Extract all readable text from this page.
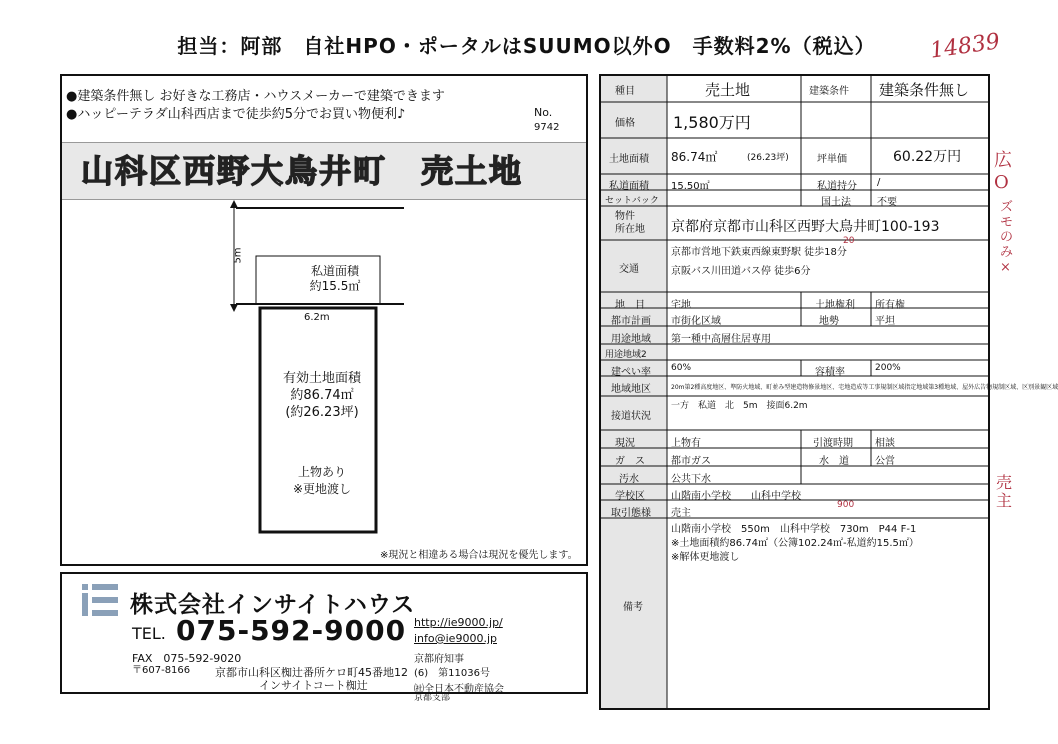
担当：阿部　自社HPO・ポータルはSUUMO以外O　手数料2%（税込）	14839
●建築条件無し お好きな工務店・ハウスメーカーで建築できます
●ハッピーテラダ山科西店まで徒歩約5分でお買い物便利♪	No.
9742
山科区西野大鳥井町　売土地
5m
私道面積
約15.5㎡
6.2m
有効土地面積
約86.74㎡
(約26.23坪)
上物あり
※更地渡し
※現況と相違ある場合は現況を優先します。
株式会社インサイトハウス
TEL. 075-592-9000
FAX　075-592-9020
〒607-8166 京都市山科区椥辻番所ケロ町45番地12
インサイトコート椥辻
http://ie9000.jp/
info@ie9000.jp
京都府知事
(6)　第11036号
㈳全日本不動産協会
京都支部
種目	売土地	建築条件 建築条件無し
価格 1,580万円
土地面積 86.74㎡	(26.23坪)	坪単価	60.22万円
私道面積 15.50㎡	私道持分 /
セットバック	国土法	不要
物件
所在地 京都府京都市山科区西野大鳥井町100-193
交通
京都市営地下鉄東西線東野駅 徒歩18分
20
京阪バス川田道バス停 徒歩6分
地　目	宅地	土地権利 所有権
都市計画 市街化区域	地勢	平坦
用途地域 第一種中高層住居専用
用途地域2
建ぺい率 60%	容積率	200%
地域地区	20m第2種高度地区、準防火地域、町並み型建造物修景地区、宅地造成等工事規制区域指定地域第3種地域、屋外広告物規制区域、区別景観区域
接道状況
一方　私道　北　5m　接面6.2m
現況	上物有	引渡時期 相談
ガ　ス	都市ガス	水　道	公営
汚水	公共下水
学校区	山階南小学校 山科中学校
取引態様 売主
900
備考
山階南小学校　550m　山科中学校　730m　P44 F-1
※土地面積約86.74㎡（公簿102.24㎡-私道約15.5㎡）
※解体更地渡し
広O
ズモのみ×
売主
